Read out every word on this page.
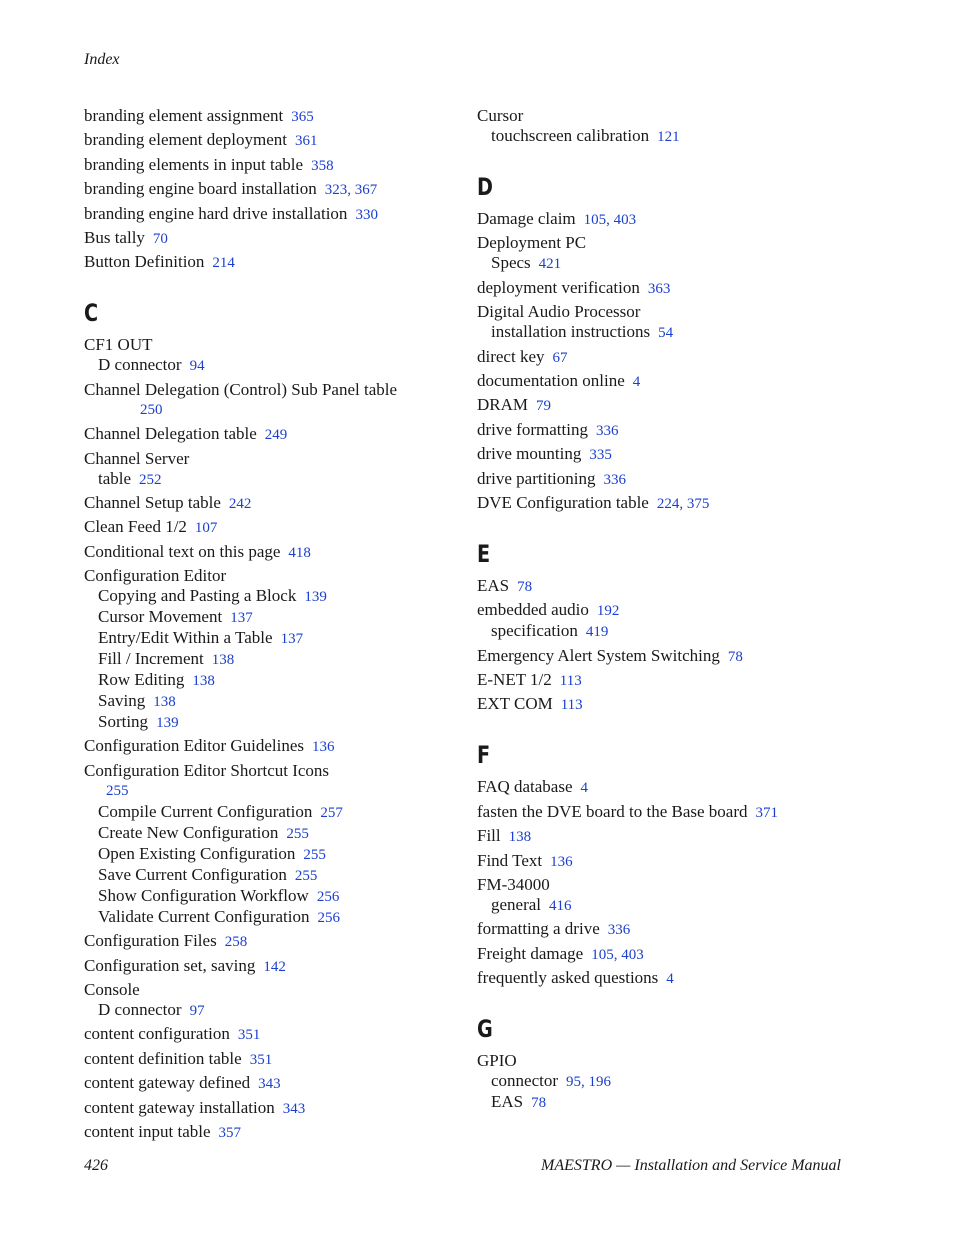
Index
branding element assignment 365
branding element deployment 361
branding elements in input table 358
branding engine board installation 323, 367
branding engine hard drive installation 330
Bus tally 70
Button Definition 214
C
CF1 OUT
D connector 94
Channel Delegation (Control) Sub Panel table
250
Channel Delegation table 249
Channel Server
table 252
Channel Setup table 242
Clean Feed 1/2 107
Conditional text on this page 418
Configuration Editor
Copying and Pasting a Block 139
Cursor Movement 137
Entry/Edit Within a Table 137
Fill / Increment 138
Row Editing 138
Saving 138
Sorting 139
Configuration Editor Guidelines 136
Configuration Editor Shortcut Icons
255
Compile Current Configuration 257
Create New Configuration 255
Open Existing Configuration 255
Save Current Configuration 255
Show Configuration Workflow 256
Validate Current Configuration 256
Configuration Files 258
Configuration set, saving 142
Console
D connector 97
content configuration 351
content definition table 351
content gateway defined 343
content gateway installation 343
content input table 357
Cursor
touchscreen calibration 121
D
Damage claim 105, 403
Deployment PC
Specs 421
deployment verification 363
Digital Audio Processor
installation instructions 54
direct key 67
documentation online 4
DRAM 79
drive formatting 336
drive mounting 335
drive partitioning 336
DVE Configuration table 224, 375
E
EAS 78
embedded audio 192
specification 419
Emergency Alert System Switching 78
E-NET 1/2 113
EXT COM 113
F
FAQ database 4
fasten the DVE board to the Base board 371
Fill 138
Find Text 136
FM-34000
general 416
formatting a drive 336
Freight damage 105, 403
frequently asked questions 4
G
GPIO
connector 95, 196
EAS 78
426	MAESTRO — Installation and Service Manual
